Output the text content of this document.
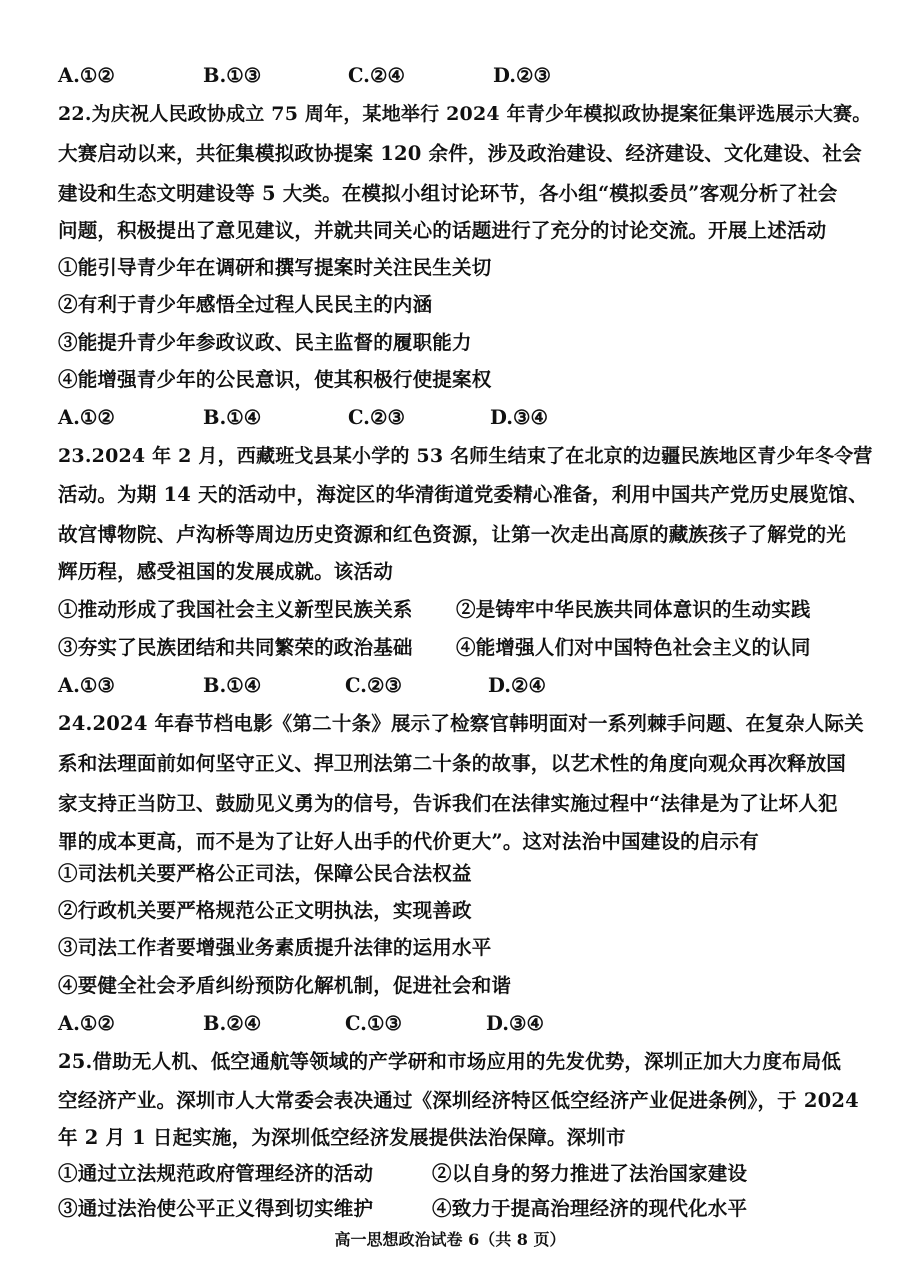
A.①②	B.①③	C.②④	D.②③
22.为庆祝人民政协成立 75 周年，某地举行 2024 年青少年模拟政协提案征集评选展示大赛。
大赛启动以来，共征集模拟政协提案 120 余件，涉及政治建设、经济建设、文化建设、社会
建设和生态文明建设等 5 大类。在模拟小组讨论环节，各小组“模拟委员”客观分析了社会
问题，积极提出了意见建议，并就共同关心的话题进行了充分的讨论交流。开展上述活动
①能引导青少年在调研和撰写提案时关注民生关切
②有利于青少年感悟全过程人民民主的内涵
③能提升青少年参政议政、民主监督的履职能力
④能增强青少年的公民意识，使其积极行使提案权
A.①②	B.①④	C.②③	D.③④
23.2024 年 2 月，西藏班戈县某小学的 53 名师生结束了在北京的边疆民族地区青少年冬令营
活动。为期 14 天的活动中，海淀区的华清街道党委精心准备，利用中国共产党历史展览馆、
故宫博物院、卢沟桥等周边历史资源和红色资源，让第一次走出高原的藏族孩子了解党的光
辉历程，感受祖国的发展成就。该活动
①推动形成了我国社会主义新型民族关系 ②是铸牢中华民族共同体意识的生动实践
③夯实了民族团结和共同繁荣的政治基础 ④能增强人们对中国特色社会主义的认同
A.①③	B.①④	C.②③	D.②④
24.2024 年春节档电影《第二十条》展示了检察官韩明面对一系列棘手问题、在复杂人际关
系和法理面前如何坚守正义、捍卫刑法第二十条的故事，以艺术性的角度向观众再次释放国
家支持正当防卫、鼓励见义勇为的信号，告诉我们在法律实施过程中“法律是为了让坏人犯
罪的成本更高，而不是为了让好人出手的代价更大”。这对法治中国建设的启示有
①司法机关要严格公正司法，保障公民合法权益
②行政机关要严格规范公正文明执法，实现善政
③司法工作者要增强业务素质提升法律的运用水平
④要健全社会矛盾纠纷预防化解机制，促进社会和谐
A.①②	B.②④	C.①③	D.③④
25.借助无人机、低空通航等领域的产学研和市场应用的先发优势，深圳正加大力度布局低
空经济产业。深圳市人大常委会表决通过《深圳经济特区低空经济产业促进条例》，于 2024
年 2 月 1 日起实施，为深圳低空经济发展提供法治保障。深圳市
①通过立法规范政府管理经济的活动	②以自身的努力推进了法治国家建设
③通过法治使公平正义得到切实维护	④致力于提高治理经济的现代化水平
高一思想政治试卷 6（共 8 页）
